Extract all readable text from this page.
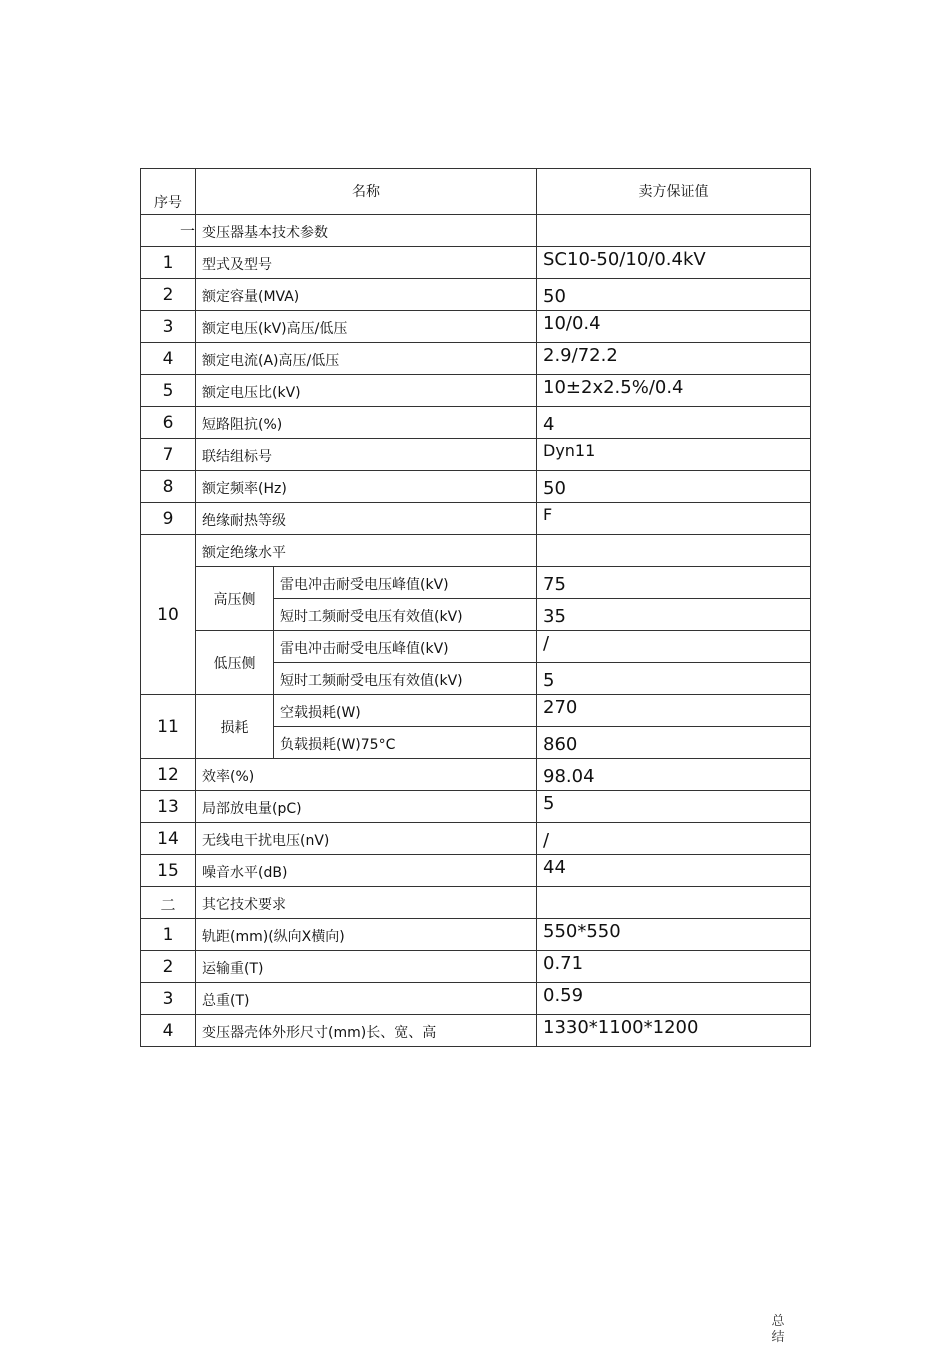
序号	名称		卖方保证值
一	变压器基本技术参数		
1	型式及型号		SC10-50/10/0.4kV
2	额定容量(MVA)		50
3	额定电压(kV)高压/低压		10/0.4
4	额定电流(A)高压/低压		2.9/72.2
5	额定电压比(kV)		10±2x2.5%/0.4
6	短路阻抗(%)		4
7	联结组标号		Dyn11
8	额定频率(Hz)		50
9	绝缘耐热等级		F
10	额定绝缘水平		
	高压侧	雷电冲击耐受电压峰值(kV)	75
		短时工频耐受电压有效值(kV)	35
	低压侧	雷电冲击耐受电压峰值(kV)	/
		短时工频耐受电压有效值(kV)	5
11	损耗	空载损耗(W)	270
		负载损耗(W)75°C	860
12	效率(%)		98.04
13	局部放电量(pC)		5
14	无线电干扰电压(nV)		/
15	噪音水平(dB)		44
二	其它技术要求		
1	轨距(mm)(纵向X横向)		550*550
2	运输重(T)		0.71
3	总重(T)		0.59
4	变压器壳体外形尺寸(mm)长、宽、高		1330*1100*1200
总结
